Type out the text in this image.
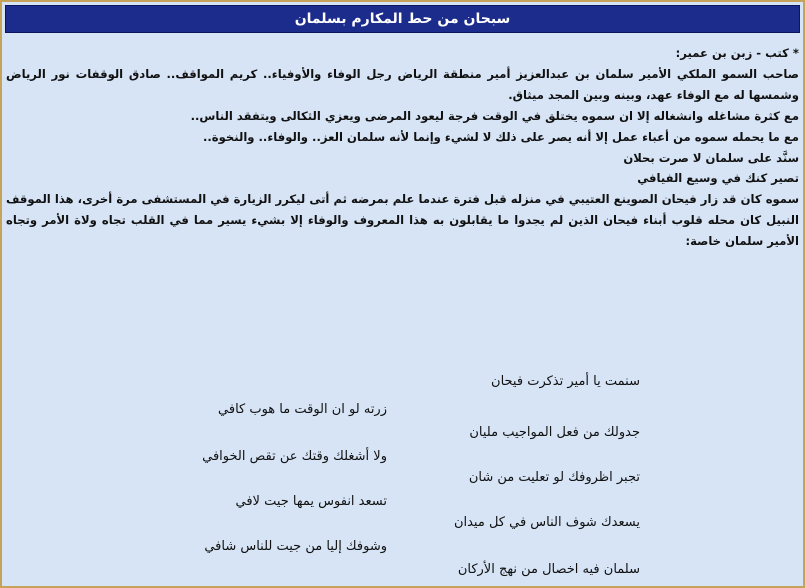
سبحان من حط المكارم بسلمان

* كتب - زبن بن عمير:

صاحب السمو الملكي الأمير سلمان بن عبدالعزيز أمير منطقة الرياض رجل الوفاء والأوفياء.. كريم المواقف.. صادق الوقفات نور الرياض وشمسها له مع الوفاء عهد، وبينه وبين المجد ميثاق.

مع كثرة مشاغله وانشغاله إلا ان سموه يختلق في الوقت فرجة ليعود المرضى ويعزي الثكالى ويتفقد الناس..

مع ما يحمله سموه من أعباء عمل إلا أنه يصر على ذلك لا لشيء وإنما لأنه سلمان العز.. والوفاء.. والنخوة..

سنَّد على سلمان لا صرت بحلان

تصير كنك في وسيع الفيافي

سموه كان قد زار فيحان الصوينع العتيبي في منزله قبل فترة عندما علم بمرضه ثم أتى ليكرر الزيارة في المستشفى مرة أخرى، هذا الموقف النبيل كان محله قلوب أبناء فيحان الذين لم يجدوا ما يقابلون به هذا المعروف والوفاء إلا بشيء يسير مما في القلب تجاه ولاة الأمر وتجاه الأمير سلمان خاصة:

سنمت يا أمير تذكرت فيحان
زرته لو ان الوقت ما هوب كافي
جدولك من فعل المواجيب مليان
ولا أشغلك وقتك عن تقص الخوافي
تجبر اظروفك لو تعليت من شان
تسعد انفوس يمها جيت لافي
يسعدك شوف الناس في كل ميدان
وشوفك إليا من جيت للناس شافي
سلمان فيه اخصال من نهج الأركان
